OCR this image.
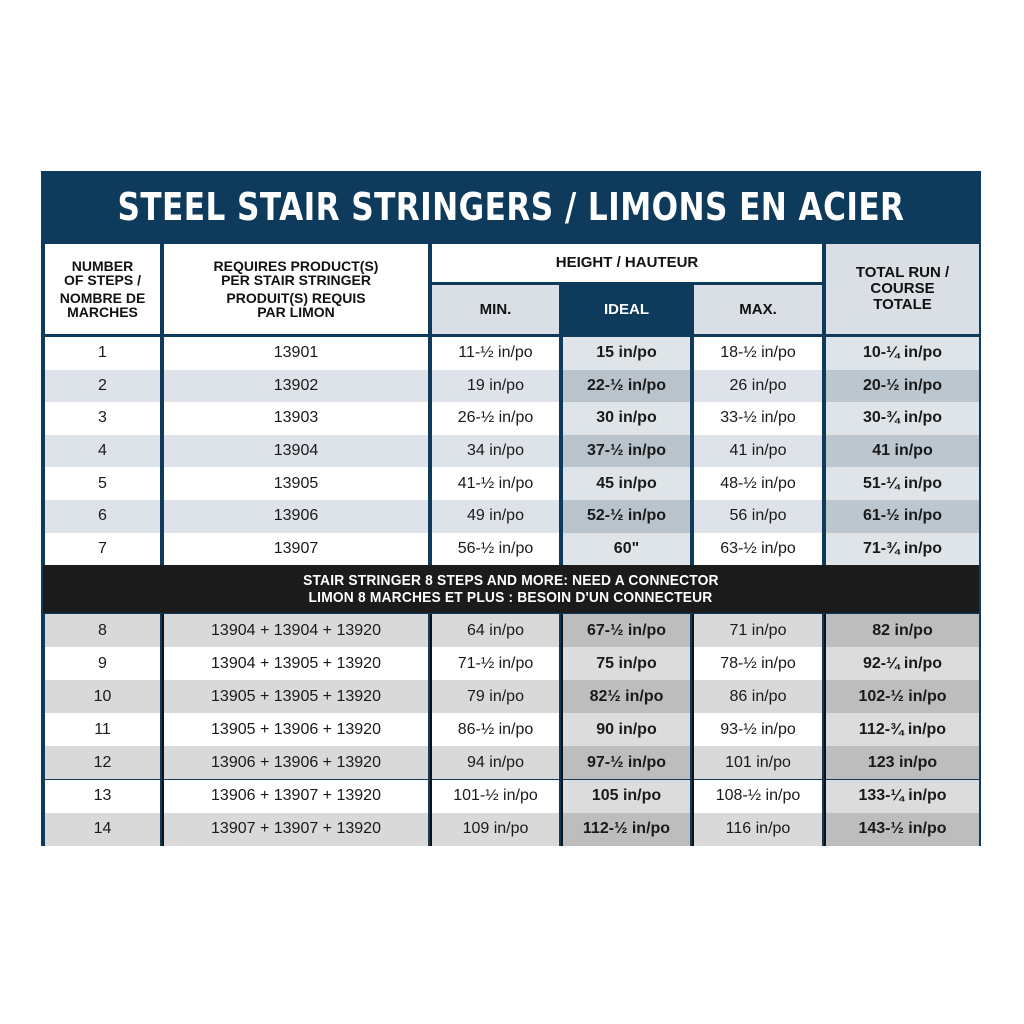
STEEL STAIR STRINGERS / LIMONS EN ACIER
NUMBER
OF STEPS /
NOMBRE DE
MARCHES
REQUIRES PRODUCT(S)
PER STAIR STRINGER
PRODUIT(S) REQUIS
PAR LIMON
HEIGHT / HAUTEUR
MIN.	IDEAL	MAX.
TOTAL RUN /
COURSE
TOTALE
1	13901	11-½ in/po	15 in/po	18-½ in/po	10-¼ in/po
2	13902	19 in/po	22-½ in/po	26 in/po	20-½ in/po
3	13903	26-½ in/po	30 in/po	33-½ in/po	30-¾ in/po
4	13904	34 in/po	37-½ in/po	41 in/po	41 in/po
5	13905	41-½ in/po	45 in/po	48-½ in/po	51-¼ in/po
6	13906	49 in/po	52-½ in/po	56 in/po	61-½ in/po
7	13907	56-½ in/po	60"	63-½ in/po	71-¾ in/po
STAIR STRINGER 8 STEPS AND MORE: NEED A CONNECTOR
LIMON 8 MARCHES ET PLUS : BESOIN D'UN CONNECTEUR
8	13904 + 13904 + 13920	64 in/po	67-½ in/po	71 in/po	82 in/po
9	13904 + 13905 + 13920	71-½ in/po	75 in/po	78-½ in/po	92-¼ in/po
10	13905 + 13905 + 13920	79 in/po	82½ in/po	86 in/po	102-½ in/po
11	13905 + 13906 + 13920	86-½ in/po	90 in/po	93-½ in/po	112-¾ in/po
12	13906 + 13906 + 13920	94 in/po	97-½ in/po	101 in/po	123 in/po
13	13906 + 13907 + 13920	101-½ in/po	105 in/po	108-½ in/po	133-¼ in/po
14	13907 + 13907 + 13920	109 in/po	112-½ in/po	116 in/po	143-½ in/po
